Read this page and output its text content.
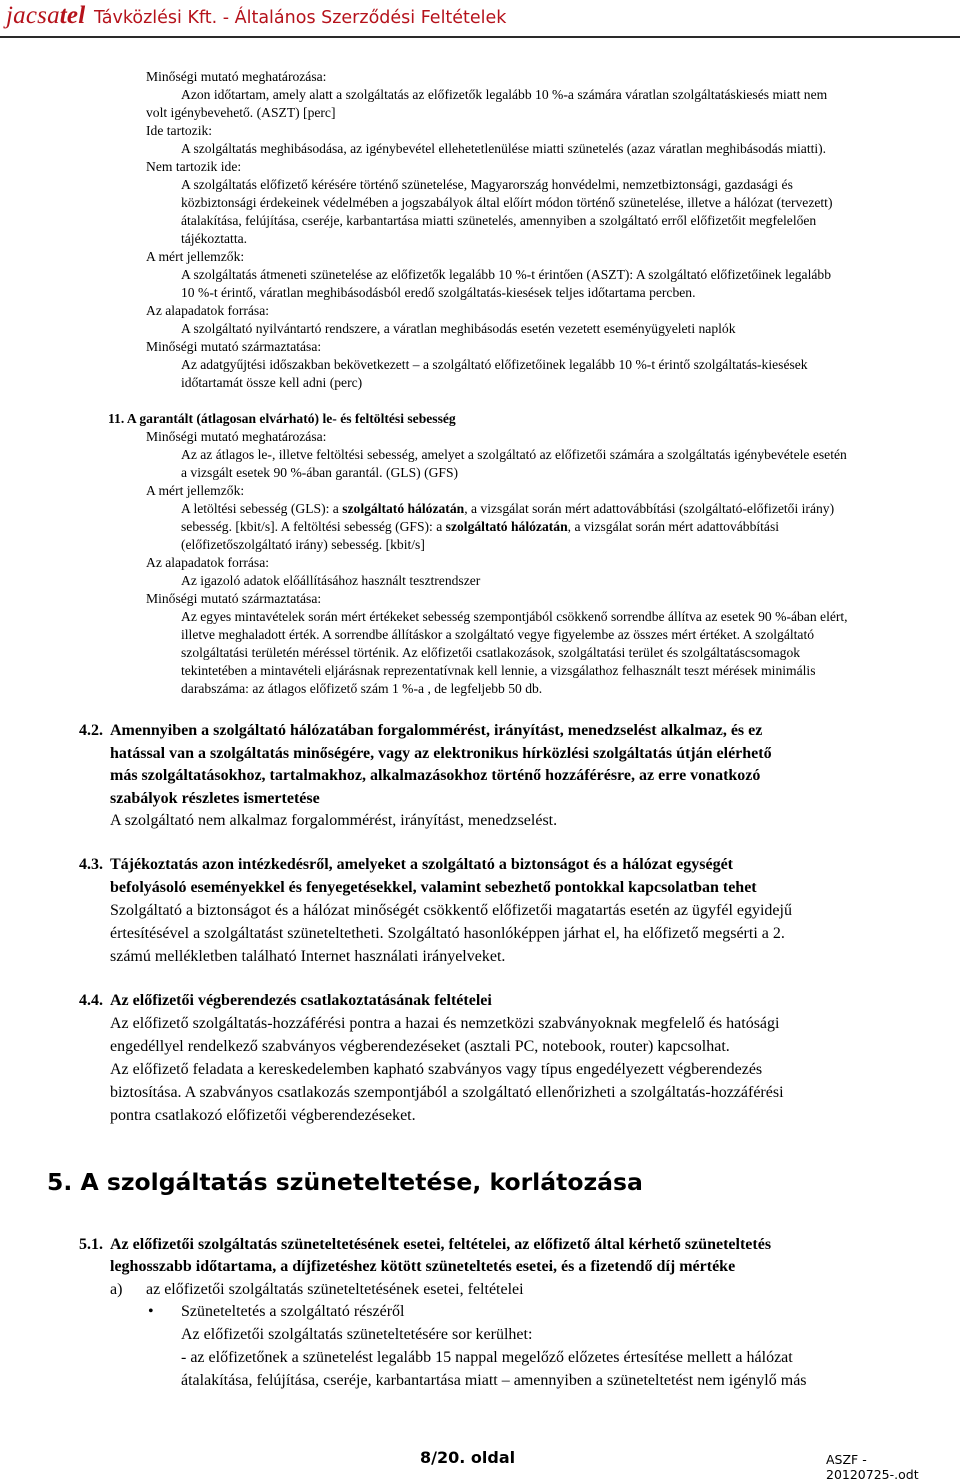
jacsatel Távközlési Kft. - Általános Szerződési Feltételek
Minőségi mutató meghatározása:
Azon időtartam, amely alatt a szolgáltatás az előfizetők legalább 10 %-a számára váratlan szolgáltatáskiesés miatt nem
volt igénybevehető. (ASZT) [perc]
Ide tartozik:
A szolgáltatás meghibásodása, az igénybevétel ellehetetlenülése miatti szünetelés (azaz váratlan meghibásodás miatti).
Nem tartozik ide:
A szolgáltatás előfizető kérésére történő szünetelése, Magyarország honvédelmi, nemzetbiztonsági, gazdasági és
közbiztonsági érdekeinek védelmében a jogszabályok által előírt módon történő szünetelése, illetve a hálózat (tervezett)
átalakítása, felújítása, cseréje, karbantartása miatti szünetelés, amennyiben a szolgáltató erről előfizetőit megfelelően
tájékoztatta.
A mért jellemzők:
A szolgáltatás átmeneti szünetelése az előfizetők legalább 10 %-t érintően (ASZT): A szolgáltató előfizetőinek legalább
10 %-t érintő, váratlan meghibásodásból eredő szolgáltatás-kiesések teljes időtartama percben.
Az alapadatok forrása:
A szolgáltató nyilvántartó rendszere, a váratlan meghibásodás esetén vezetett eseményügyeleti naplók
Minőségi mutató származtatása:
Az adatgyűjtési időszakban bekövetkezett – a szolgáltató előfizetőinek legalább 10 %-t érintő szolgáltatás-kiesések
időtartamát össze kell adni (perc)
11. A garantált (átlagosan elvárható) le- és feltöltési sebesség
Minőségi mutató meghatározása:
Az az átlagos le-, illetve feltöltési sebesség, amelyet a szolgáltató az előfizetői számára a szolgáltatás igénybevétele esetén
a vizsgált esetek 90 %-ában garantál. (GLS) (GFS)
A mért jellemzők:
A letöltési sebesség (GLS): a szolgáltató hálózatán, a vizsgálat során mért adattovábbítási (szolgáltató-előfizetői irány)
sebesség. [kbit/s]. A feltöltési sebesség (GFS): a szolgáltató hálózatán, a vizsgálat során mért adattovábbítási
(előfizetőszolgáltató irány) sebesség. [kbit/s]
Az alapadatok forrása:
Az igazoló adatok előállításához használt tesztrendszer
Minőségi mutató származtatása:
Az egyes mintavételek során mért értékeket sebesség szempontjából csökkenő sorrendbe állítva az esetek 90 %-ában elért,
illetve meghaladott érték. A sorrendbe állításkor a szolgáltató vegye figyelembe az összes mért értéket. A szolgáltató
szolgáltatási területén méréssel történik. Az előfizetői csatlakozások, szolgáltatási terület és szolgáltatáscsomagok
tekintetében a mintavételi eljárásnak reprezentatívnak kell lennie, a vizsgálathoz felhasznált teszt mérések minimális
darabszáma: az átlagos előfizető szám 1 %-a , de legfeljebb 50 db.
4.2. Amennyiben a szolgáltató hálózatában forgalommérést, irányítást, menedzselést alkalmaz, és ez
hatással van a szolgáltatás minőségére, vagy az elektronikus hírközlési szolgáltatás útján elérhető
más szolgáltatásokhoz, tartalmakhoz, alkalmazásokhoz történő hozzáférésre, az erre vonatkozó
szabályok részletes ismertetése
A szolgáltató nem alkalmaz forgalommérést, irányítást, menedzselést.
4.3. Tájékoztatás azon intézkedésről, amelyeket a szolgáltató a biztonságot és a hálózat egységét
befolyásoló eseményekkel és fenyegetésekkel, valamint sebezhető pontokkal kapcsolatban tehet
Szolgáltató a biztonságot és a hálózat minőségét csökkentő előfizetői magatartás esetén az ügyfél egyidejű
értesítésével a szolgáltatást szüneteltetheti. Szolgáltató hasonlóképpen járhat el, ha előfizető megsérti a 2.
számú mellékletben található Internet használati irányelveket.
4.4. Az előfizetői végberendezés csatlakoztatásának feltételei
Az előfizető szolgáltatás-hozzáférési pontra a hazai és nemzetközi szabványoknak megfelelő és hatósági
engedéllyel rendelkező szabványos végberendezéseket (asztali PC, notebook, router) kapcsolhat.
Az előfizető feladata a kereskedelemben kapható szabványos vagy típus engedélyezett végberendezés
biztosítása. A szabványos csatlakozás szempontjából a szolgáltató ellenőrizheti a szolgáltatás-hozzáférési
pontra csatlakozó előfizetői végberendezéseket.
5. A szolgáltatás szüneteltetése, korlátozása
5.1. Az előfizetői szolgáltatás szüneteltetésének esetei, feltételei, az előfizető által kérhető szüneteltetés
leghosszabb időtartama, a díjfizetéshez kötött szüneteltetés esetei, és a fizetendő díj mértéke
a) az előfizetői szolgáltatás szüneteltetésének esetei, feltételei
• Szüneteltetés a szolgáltató részéről
Az előfizetői szolgáltatás szüneteltetésére sor kerülhet:
- az előfizetőnek a szünetelést legalább 15 nappal megelőző előzetes értesítése mellett a hálózat
átalakítása, felújítása, cseréje, karbantartása miatt – amennyiben a szüneteltetést nem igénylő más
8/20. oldal	ASZF - 20120725-.odt
